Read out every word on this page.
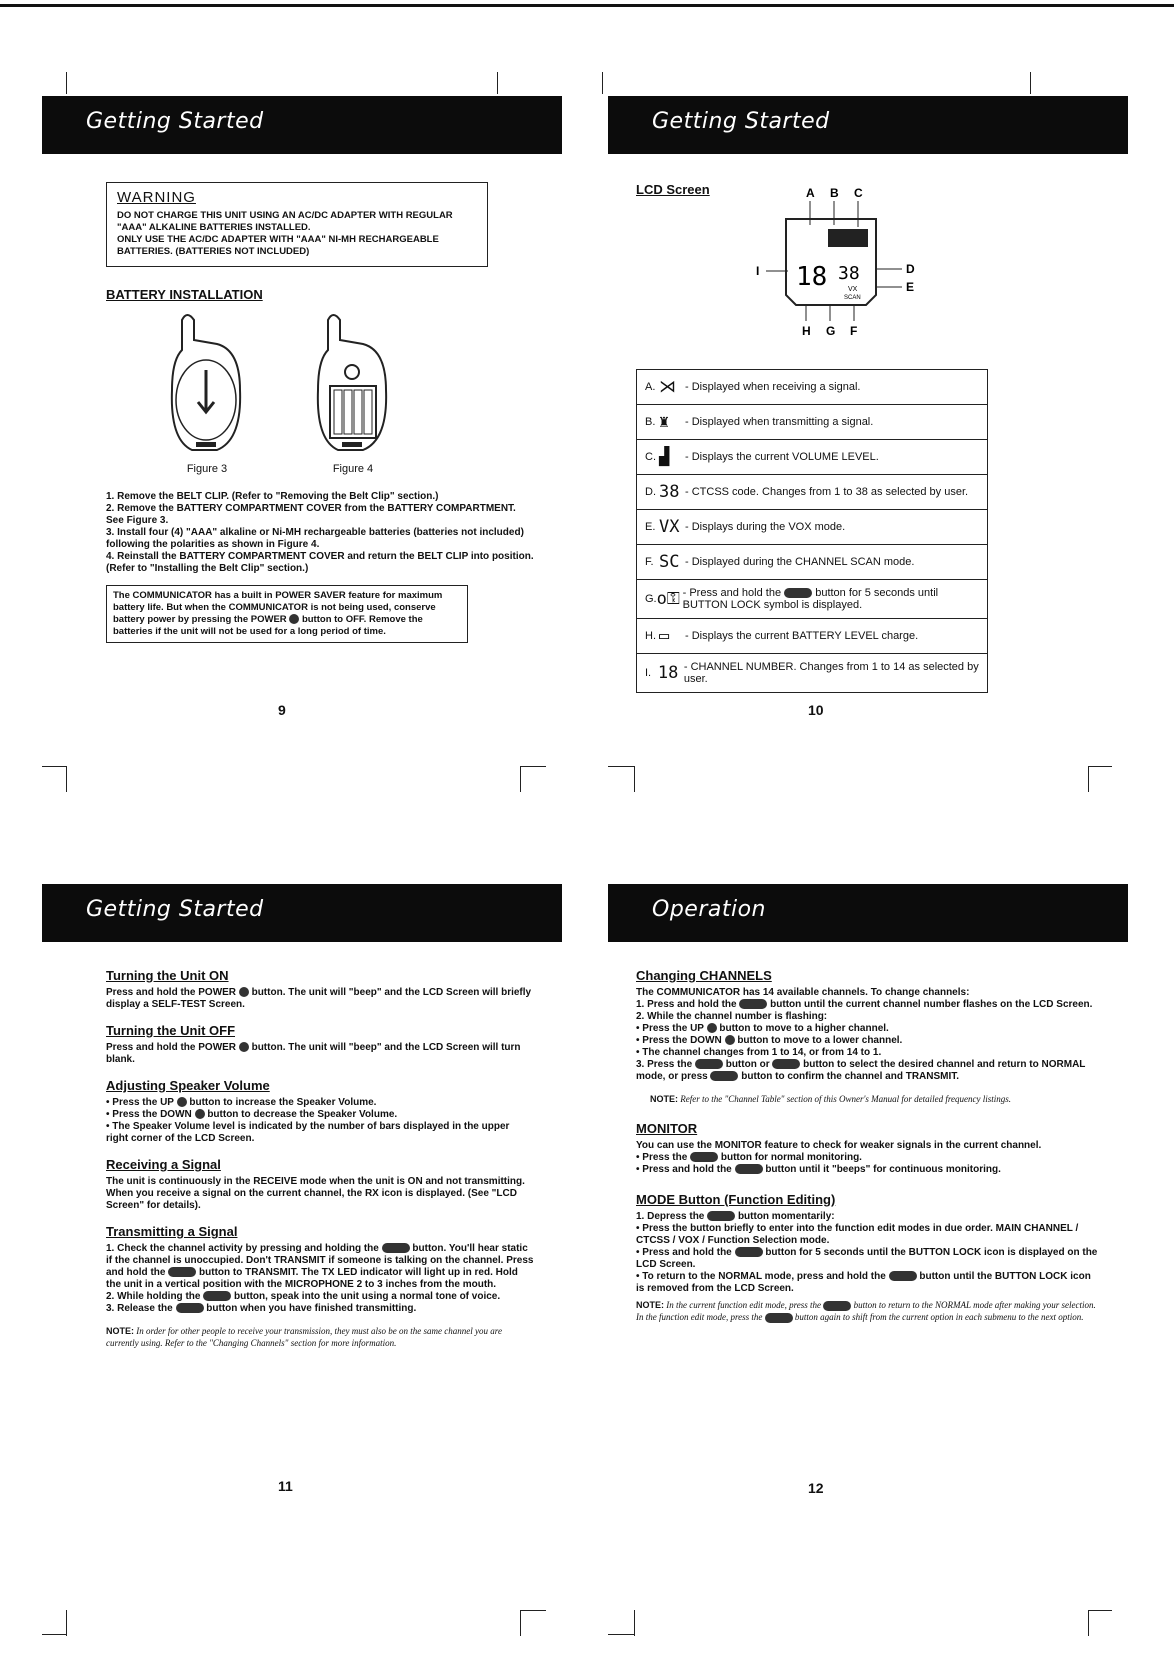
Getting Started
WARNING
DO NOT CHARGE THIS UNIT USING AN AC/DC ADAPTER WITH REGULAR
"AAA" ALKALINE BATTERIES INSTALLED.
ONLY USE THE AC/DC ADAPTER WITH "AAA" NI-MH RECHARGEABLE
BATTERIES. (BATTERIES NOT INCLUDED)
BATTERY INSTALLATION
Figure 3	Figure 4
1. Remove the BELT CLIP. (Refer to "Removing the Belt Clip" section.)
2. Remove the BATTERY COMPARTMENT COVER from the BATTERY COMPARTMENT. See Figure 3.
3. Install four (4) "AAA" alkaline or Ni-MH rechargeable batteries (batteries not included) following the polarities as shown in Figure 4.
4. Reinstall the BATTERY COMPARTMENT COVER and return the BELT CLIP into position. (Refer to "Installing the Belt Clip" section.)
The COMMUNICATOR has a built in POWER SAVER feature for maximum battery life. But when the COMMUNICATOR is not being used, conserve battery power by pressing the POWER button to OFF. Remove the batteries if the unit will not be used for a long period of time.
9
Getting Started
LCD Screen	A B C
18 38
VX
SCAN
I	D
E
H G F
A. ⋊ - Displayed when receiving a signal.
B. ♜	- Displayed when transmitting a signal.
C. ▟	- Displays the current VOLUME LEVEL.
D. 38 - CTCSS code. Changes from 1 to 38 as selected by user.
E. VX - Displays during the VOX mode.
F. SC - Displayed during the CHANNEL SCAN mode.
G. o⚿ - Press and hold the	button for 5 seconds until BUTTON LOCK symbol is displayed.
H. ▭	- Displays the current BATTERY LEVEL charge.
I. 18 - CHANNEL NUMBER. Changes from 1 to 14 as selected by user.
10
Getting Started
Turning the Unit ON
Press and hold the POWER button. The unit will "beep" and the LCD Screen will briefly display a SELF-TEST Screen.
Turning the Unit OFF
Press and hold the POWER button. The unit will "beep" and the LCD Screen will turn blank.
Adjusting Speaker Volume
• Press the UP button to increase the Speaker Volume.
• Press the DOWN button to decrease the Speaker Volume.
• The Speaker Volume level is indicated by the number of bars displayed in the upper right corner of the LCD Screen.
Receiving a Signal
The unit is continuously in the RECEIVE mode when the unit is ON and not transmitting. When you receive a signal on the current channel, the RX icon is displayed. (See "LCD Screen" for details).
Transmitting a Signal
1. Check the channel activity by pressing and holding the	button. You'll hear static if the channel is unoccupied. Don't TRANSMIT if someone is talking on the channel. Press and hold the	button to TRANSMIT. The TX LED indicator will light up in red. Hold the unit in a vertical position with the MICROPHONE 2 to 3 inches from the mouth.
2. While holding the	button, speak into the unit using a normal tone of voice.
3. Release the	button when you have finished transmitting.
NOTE: In order for other people to receive your transmission, they must also be on the same channel you are currently using. Refer to the "Changing Channels" section for more information.
11
Operation
Changing CHANNELS
The COMMUNICATOR has 14 available channels. To change channels:
1. Press and hold the	button until the current channel number flashes on the LCD Screen.
2. While the channel number is flashing:
• Press the UP button to move to a higher channel.
• Press the DOWN button to move to a lower channel.
• The channel changes from 1 to 14, or from 14 to 1.
3. Press the	button or	button to select the desired channel and return to NORMAL mode, or press	button to confirm the channel and TRANSMIT.
NOTE: Refer to the "Channel Table" section of this Owner's Manual for detailed frequency listings.
MONITOR
You can use the MONITOR feature to check for weaker signals in the current channel.
• Press the	button for normal monitoring.
• Press and hold the	button until it "beeps" for continuous monitoring.
MODE Button (Function Editing)
1. Depress the	button momentarily:
• Press the button briefly to enter into the function edit modes in due order. MAIN CHANNEL / CTCSS / VOX / Function Selection mode.
• Press and hold the	button for 5 seconds until the BUTTON LOCK icon is displayed on the LCD Screen.
• To return to the NORMAL mode, press and hold the	button until the BUTTON LOCK icon is removed from the LCD Screen.
NOTE: In the current function edit mode, press the	button to return to the NORMAL mode after making your selection. In the function edit mode, press the	button again to shift from the current option in each submenu to the next option.
12
